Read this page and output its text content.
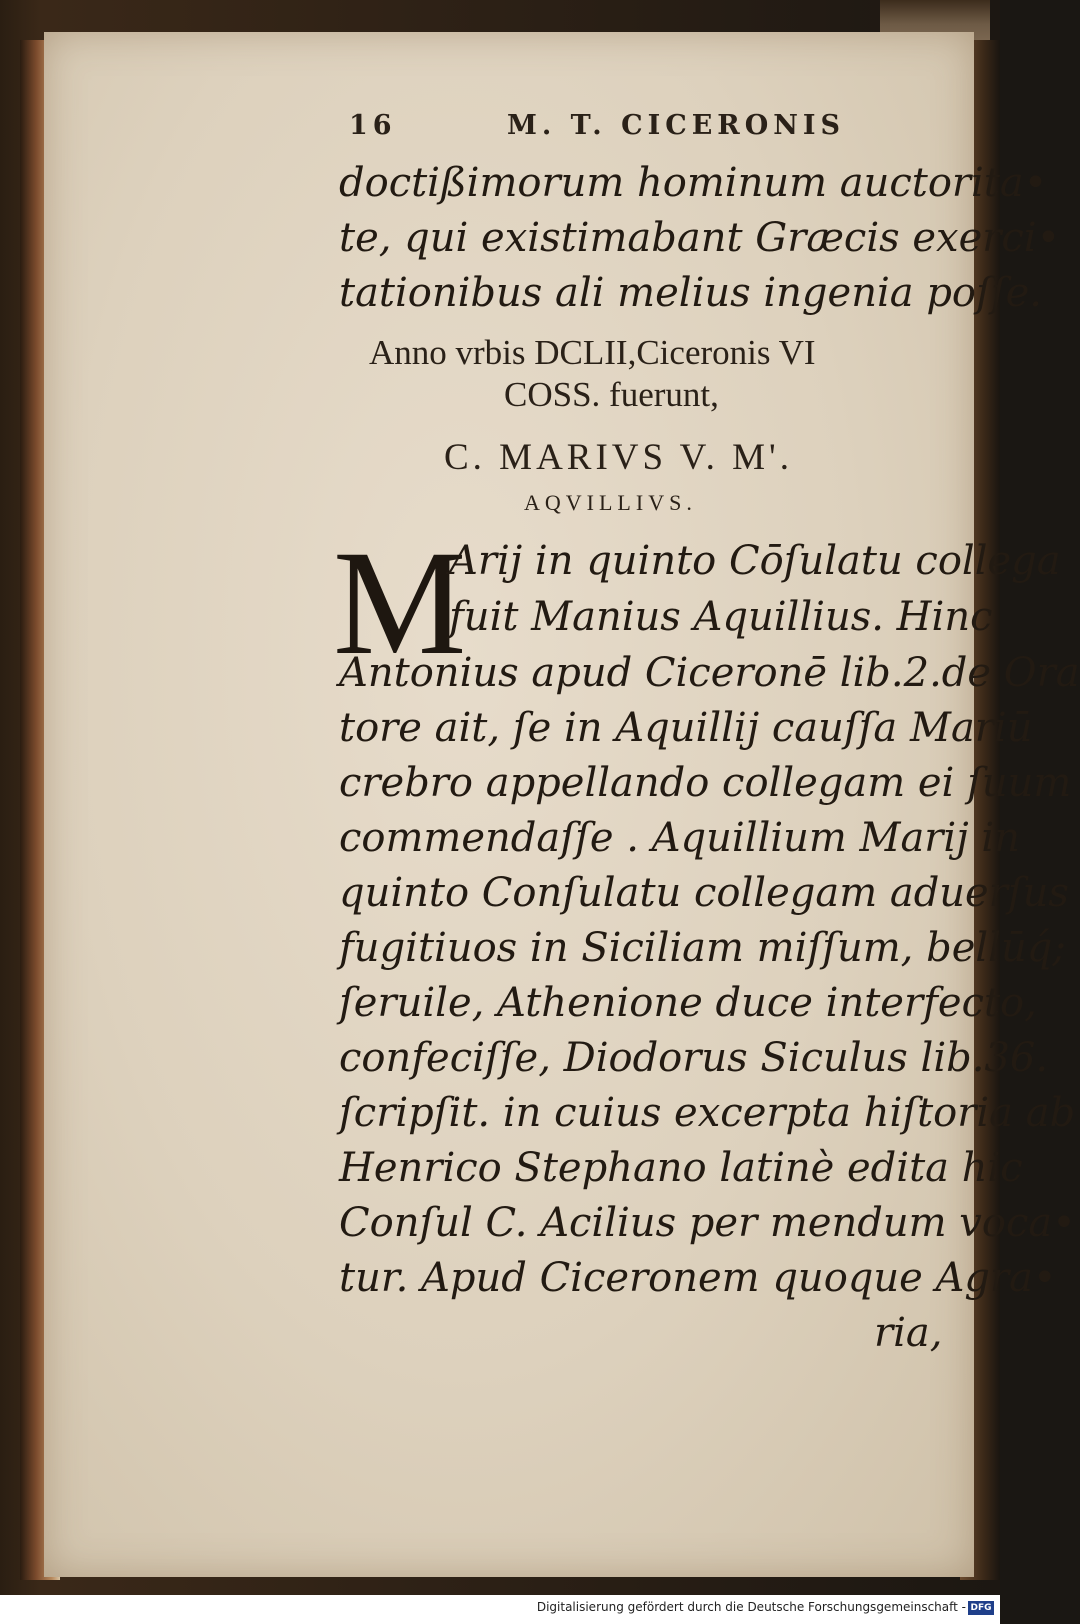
16	M. T. CICERONIS
doctißimorum hominum auctorita•
te, qui existimabant Græcis exerci•
tationibus ali melius ingenia poſſe.
Anno vrbis DCLII,Ciceronis VI
COSS. fuerunt,
C. MARIVS V. M'.
AQVILLIVS.
M
Arij in quinto Cōſulatu collega
fuit Manius Aquillius. Hinc
Antonius apud Ciceronē lib.2.de Ora
tore ait, ſe in Aquillij cauſſa Mariū
crebro appellando collegam ei ſuum
commendaſſe . Aquillium Marij in
quinto Conſulatu collegam aduerſus
fugitiuos in Siciliam miſſum, bellūq́;
ſeruile, Athenione duce interfecto,
confeciſſe, Diodorus Siculus lib.36.
ſcripſit. in cuius excerpta hiſtoria ab
Henrico Stephano latinè edita hic
Conſul C. Acilius per mendum voca•
tur. Apud Ciceronem quoque Agra•
ria,
Digitalisierung gefördert durch die Deutsche Forschungsgemeinschaft - DFG
